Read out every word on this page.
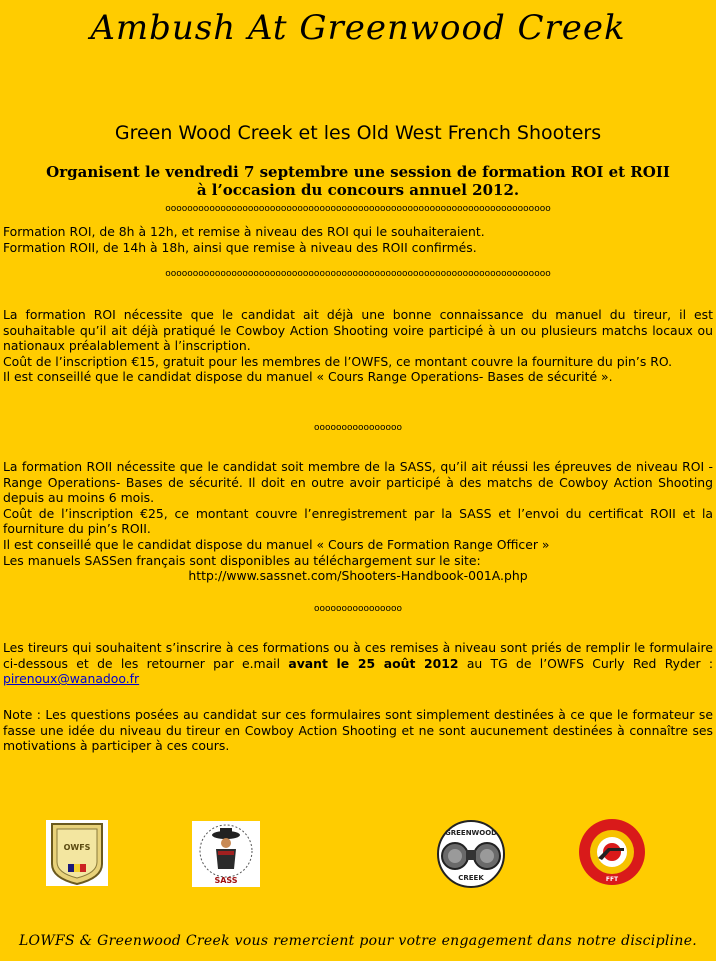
Ambush At Greenwood Creek
Green Wood Creek et les Old West French Shooters
Organisent le vendredi 7 septembre une session de formation ROI et ROII
à l’occasion du concours annuel 2012.
oooooooooooooooooooooooooooooooooooooooooooooooooooooooooooooooooooooo

Formation ROI, de 8h à 12h, et remise à niveau des ROI qui le souhaiteraient.

Formation ROII, de 14h à 18h, ainsi que remise à niveau des ROII confirmés.

oooooooooooooooooooooooooooooooooooooooooooooooooooooooooooooooooooooo

La formation ROI nécessite que le candidat ait déjà une bonne connaissance du manuel du tireur, il est souhaitable qu’il ait déjà pratiqué le Cowboy Action Shooting voire participé à un ou plusieurs matchs locaux ou nationaux préalablement à l’inscription.

Coût de l’inscription €15, gratuit pour les membres de l’OWFS, ce montant couvre la fourniture du pin’s RO.

Il est conseillé que le candidat dispose du manuel « Cours Range Operations- Bases de sécurité ».

oooooooooooooooo

La formation ROII nécessite que le candidat soit membre de la SASS, qu’il ait réussi les épreuves de niveau ROI - Range Operations- Bases de sécurité. Il doit en outre avoir participé à des matchs de Cowboy Action Shooting depuis au moins 6 mois.

Coût de l’inscription €25, ce montant couvre l’enregistrement par la SASS et l’envoi du certificat ROII et la fourniture du pin’s ROII.

Il est conseillé que le candidat dispose du manuel « Cours de Formation Range Officer »

Les manuels SASSen français sont disponibles au téléchargement sur le site:

http://www.sassnet.com/Shooters-Handbook-001A.php

oooooooooooooooo

Les tireurs qui souhaitent s’inscrire à ces formations ou à ces remises à niveau sont priés de remplir le formulaire ci-dessous et de les retourner par e.mail avant le 25 août 2012 au TG de l’OWFS Curly Red Ryder : pirenoux@wanadoo.fr

Note : Les questions posées au candidat sur ces formulaires sont simplement destinées à ce que le formateur se fasse une idée du niveau du tireur en Cowboy Action Shooting et ne sont aucunement destinées à connaître ses motivations à participer à ces cours.

OWFS
SASS
GREENWOOD
CREEK	FFT
LOWFS & Greenwood Creek vous remercient pour votre engagement dans notre discipline.
